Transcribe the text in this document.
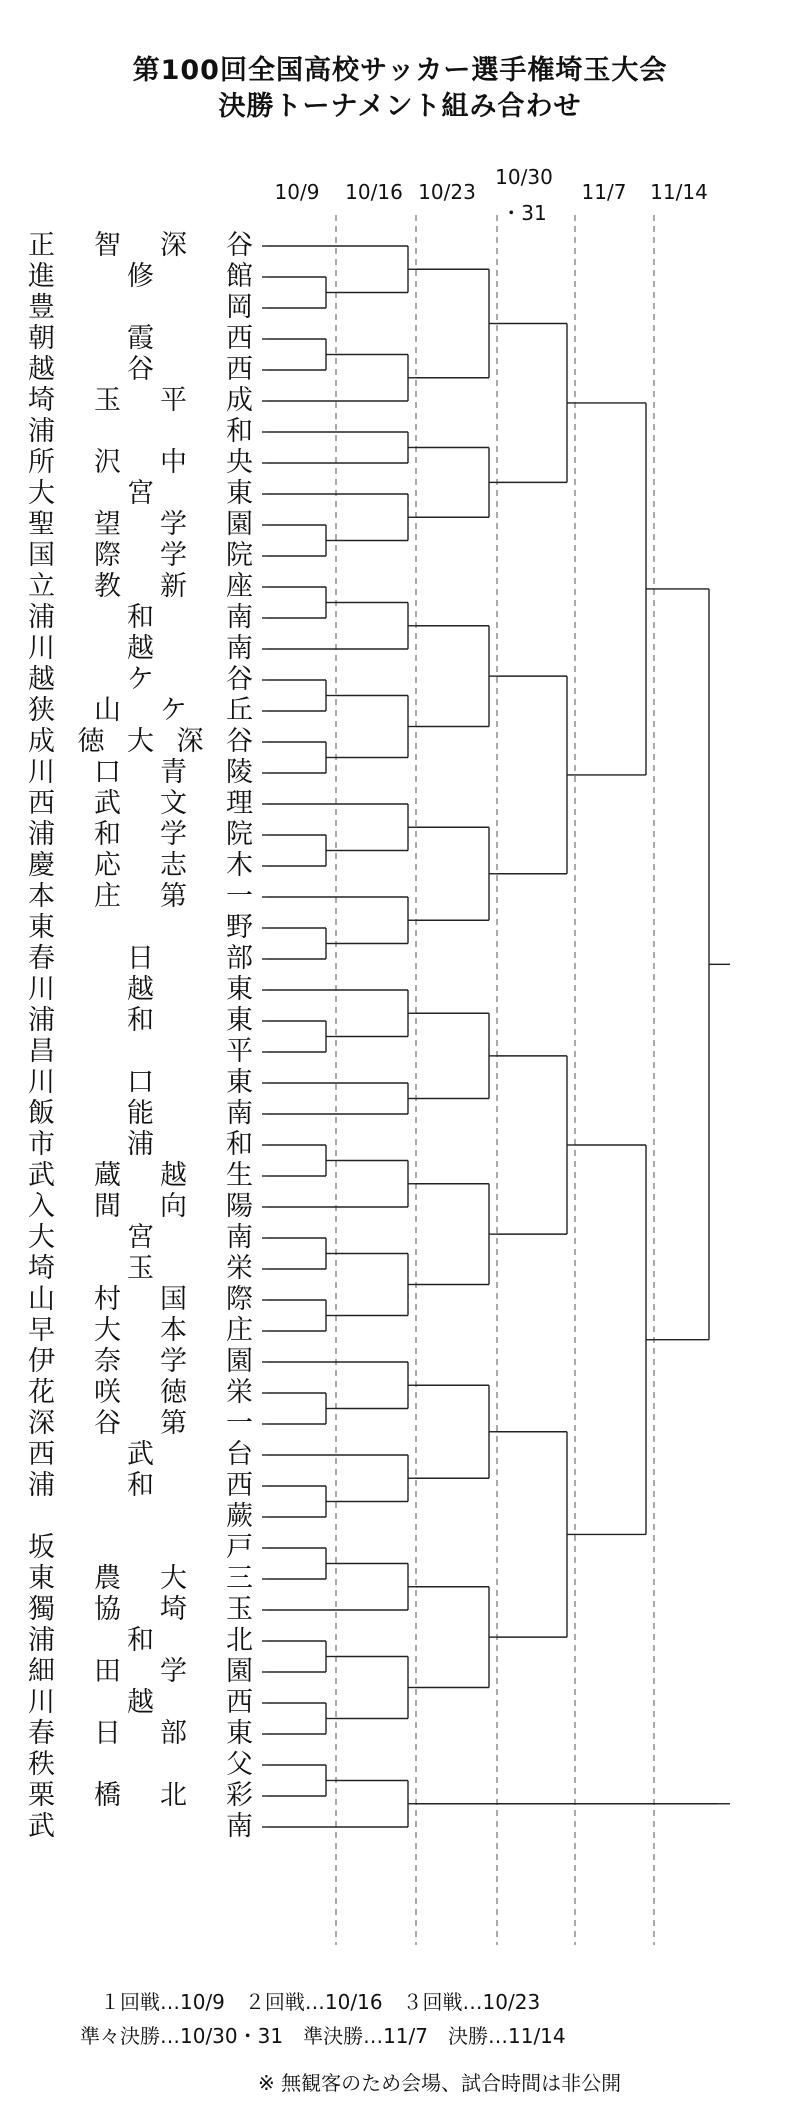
第100回全国高校サッカー選手権埼玉大会
決勝トーナメント組み合わせ
10/9	10/16 10/23
10/30
・31
11/7	11/14
正 智 深 谷
進	修	館
豊	岡
朝	霞	西
越	谷	西
埼 玉 平 成
浦	和
所 沢 中 央
大	宮	東
聖 望 学 園
国 際 学 院
立 教 新 座
浦	和	南
川	越	南
越	ケ	谷
狭 山 ケ 丘
成 徳 大 深 谷
川 口 青 陵
西 武 文 理
浦 和 学 院
慶 応 志 木
本 庄 第 一
東	野
春	日	部
川	越	東
浦	和	東
昌	平
川	口	東
飯	能	南
市	浦	和
武 蔵 越 生
入 間 向 陽
大	宮	南
埼	玉	栄
山 村 国 際
早 大 本 庄
伊 奈 学 園
花 咲 徳 栄
深 谷 第 一
西	武	台
浦	和	西
蕨
坂	戸
東 農 大 三
獨 協 埼 玉
浦	和	北
細 田 学 園
川	越	西
春 日 部 東
秩	父
栗 橋 北 彩
武	南
１回戦…10/9　２回戦…10/16　３回戦…10/23
準々決勝…10/30・31　準決勝…11/7　決勝…11/14
※ 無観客のため会場、試合時間は非公開
